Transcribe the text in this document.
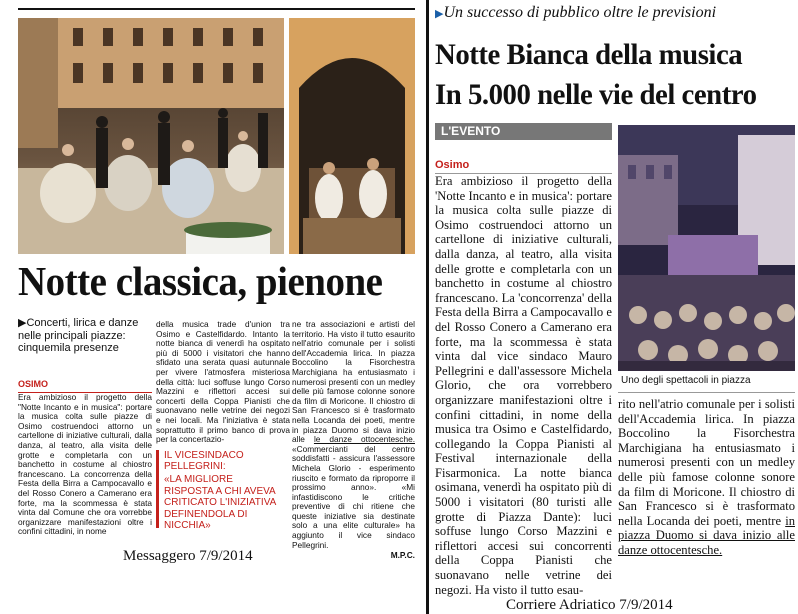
Notte classica, pienone
▶Concerti, lirica e danze nelle principali piazze: cinquemila presenze
OSIMO
Era ambizioso il progetto della "Notte Incanto e in musica": portare la musica colta sulle piazze di Osimo costruendoci attorno un cartellone di iniziative culturali, dalla danza, al teatro, alla visita delle grotte e completarla con un banchetto in costume al chiostro francescano. La concorrenza della Festa della Birra a Campocavallo e del Rosso Conero a Camerano era forte, ma la scommessa è stata vinta dal Comune che ora vorrebbe organizzare manifestazioni oltre i confini cittadini, in nome
della musica trade d'union tra Osimo e Castelfidardo. Intanto la notte bianca di venerdì ha ospitato più di 5000 i visitatori che hanno sfidato una serata quasi autunnale per vivere l'atmosfera misteriosa della città: luci soffuse lungo Corso Mazzini e riflettori accesi sui concerti della Coppa Pianisti che suonavano nelle vetrine dei negozi e nei locali. Ma l'iniziativa è stata soprattutto il primo banco di prova per la concertazio-
IL VICESINDACO PELLEGRINI:
«LA MIGLIORE RISPOSTA A CHI AVEVA CRITICATO L'INIZIATIVA DEFINENDOLA DI NICCHIA»
ne tra associazioni e artisti del territorio. Ha visto il tutto esaurito nell'atrio comunale per i solisti dell'Accademia lirica. In piazza Boccolino la Fisorchestra Marchigiana ha entusiasmato i numerosi presenti con un medley delle più famose colonne sonore da film di Moricone. Il chiostro di San Francesco si è trasformato nella Locanda dei poeti, mentre in piazza Duomo si dava inizio alle le danze ottocentesche. «Commercianti del centro soddisfatti - assicura l'assessore Michela Glorio - esperimento riuscito e formato da riproporre il prossimo anno». «Mi infastidiscono le critiche preventive di chi ritiene che queste iniziative sia destinate solo a una elite culturale» ha aggiunto il vice sindaco Pellegrini.
M.P.C.
Messaggero 7/9/2014
▶Un successo di pubblico oltre le previsioni
Notte Bianca della musica
In 5.000 nelle vie del centro
L'EVENTO
Osimo
Era ambizioso il progetto della 'Notte Incanto e in musica': portare la musica colta sulle piazze di Osimo costruendoci attorno un cartellone di iniziative culturali, dalla danza, al teatro, alla visita delle grotte e completarla con un banchetto in costume al chiostro francescano. La 'concorrenza' della Festa della Birra a Campocavallo e del Rosso Conero a Camerano era forte, ma la scommessa è stata vinta dal vice sindaco Mauro Pellegrini e dall'assessore Michela Glorio, che ora vorrebbero organizzare manifestazioni oltre i confini cittadini, in nome della musica tra Osimo e Castelfidardo, collegando la Coppa Pianisti al Festival internazionale della Fisarmonica. La notte bianca osimana, venerdì ha ospitato più di 5000 i visitatori (80 turisti alle grotte di Piazza Dante): luci soffuse lungo Corso Mazzini e riflettori accesi sui concorrenti della Coppa Pianisti che suonavano nelle vetrine dei negozi. Ha visto il tutto esau-
Uno degli spettacoli in piazza
rito nell'atrio comunale per i solisti dell'Accademia lirica. In piazza Boccolino la Fisorchestra Marchigiana ha entusiasmato i numerosi presenti con un medley delle più famose colonne sonore da film di Moricone. Il chiostro di San Francesco si è trasformato nella Locanda dei poeti, mentre in piazza Duomo si dava inizio alle danze ottocentesche.
Corriere Adriatico 7/9/2014
